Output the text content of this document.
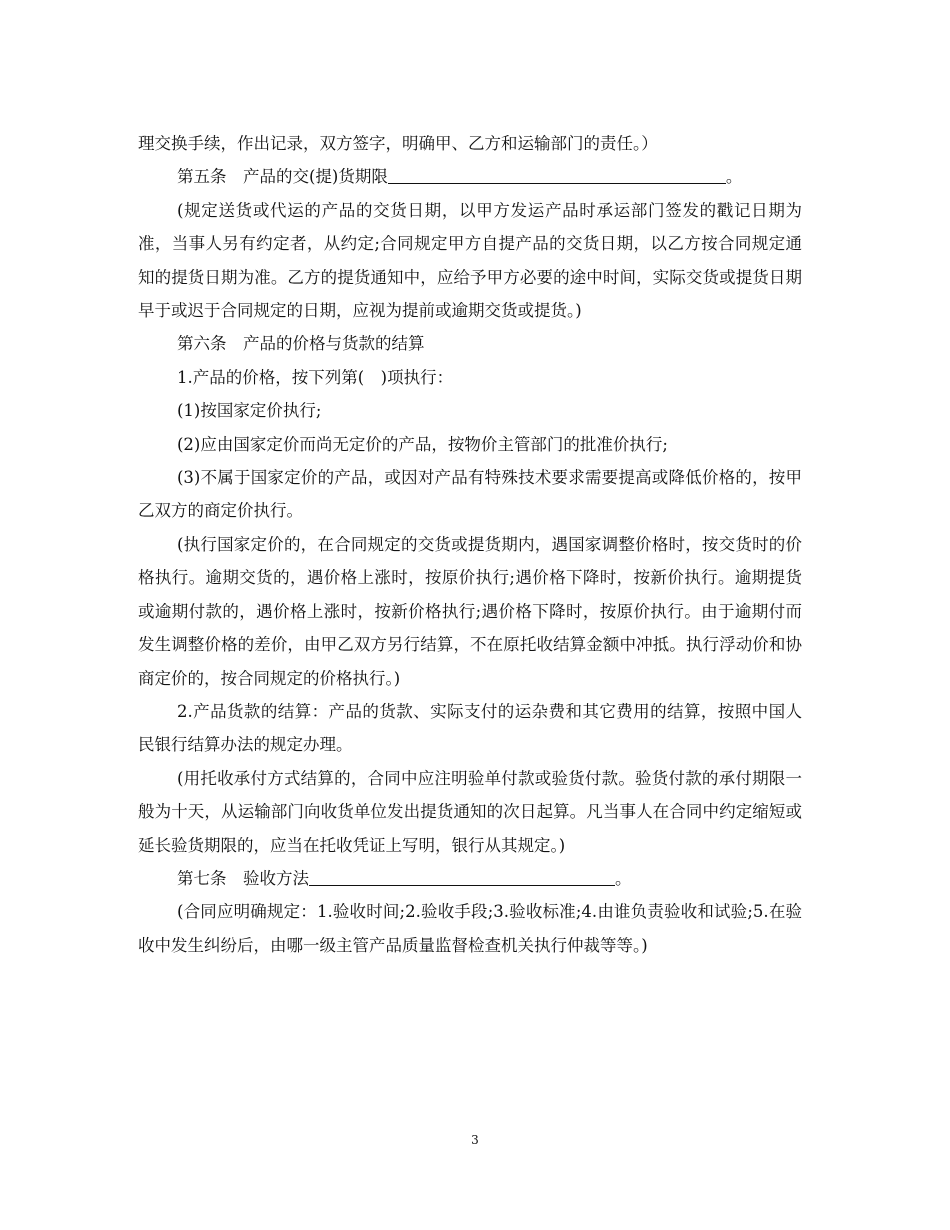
理交换手续，作出记录，双方签字，明确甲、乙方和运输部门的责任。）

第五条　产品的交(提)货期限	。

(规定送货或代运的产品的交货日期，以甲方发运产品时承运部门签发的戳记日期为准，当事人另有约定者，从约定;合同规定甲方自提产品的交货日期，以乙方按合同规定通知的提货日期为准。乙方的提货通知中，应给予甲方必要的途中时间，实际交货或提货日期早于或迟于合同规定的日期，应视为提前或逾期交货或提货。)

第六条　产品的价格与货款的结算

1.产品的价格，按下列第(　)项执行：

(1)按国家定价执行;

(2)应由国家定价而尚无定价的产品，按物价主管部门的批准价执行;

(3)不属于国家定价的产品，或因对产品有特殊技术要求需要提高或降低价格的，按甲乙双方的商定价执行。

(执行国家定价的，在合同规定的交货或提货期内，遇国家调整价格时，按交货时的价格执行。逾期交货的，遇价格上涨时，按原价执行;遇价格下降时，按新价执行。逾期提货或逾期付款的，遇价格上涨时，按新价格执行;遇价格下降时，按原价执行。由于逾期付而发生调整价格的差价，由甲乙双方另行结算，不在原托收结算金额中冲抵。执行浮动价和协商定价的，按合同规定的价格执行。)

2.产品货款的结算：产品的货款、实际支付的运杂费和其它费用的结算，按照中国人民银行结算办法的规定办理。

(用托收承付方式结算的，合同中应注明验单付款或验货付款。验货付款的承付期限一般为十天，从运输部门向收货单位发出提货通知的次日起算。凡当事人在合同中约定缩短或延长验货期限的，应当在托收凭证上写明，银行从其规定。)

第七条　验收方法	。

(合同应明确规定：1.验收时间;2.验收手段;3.验收标准;4.由谁负责验收和试验;5.在验收中发生纠纷后，由哪一级主管产品质量监督检查机关执行仲裁等等。)

3
